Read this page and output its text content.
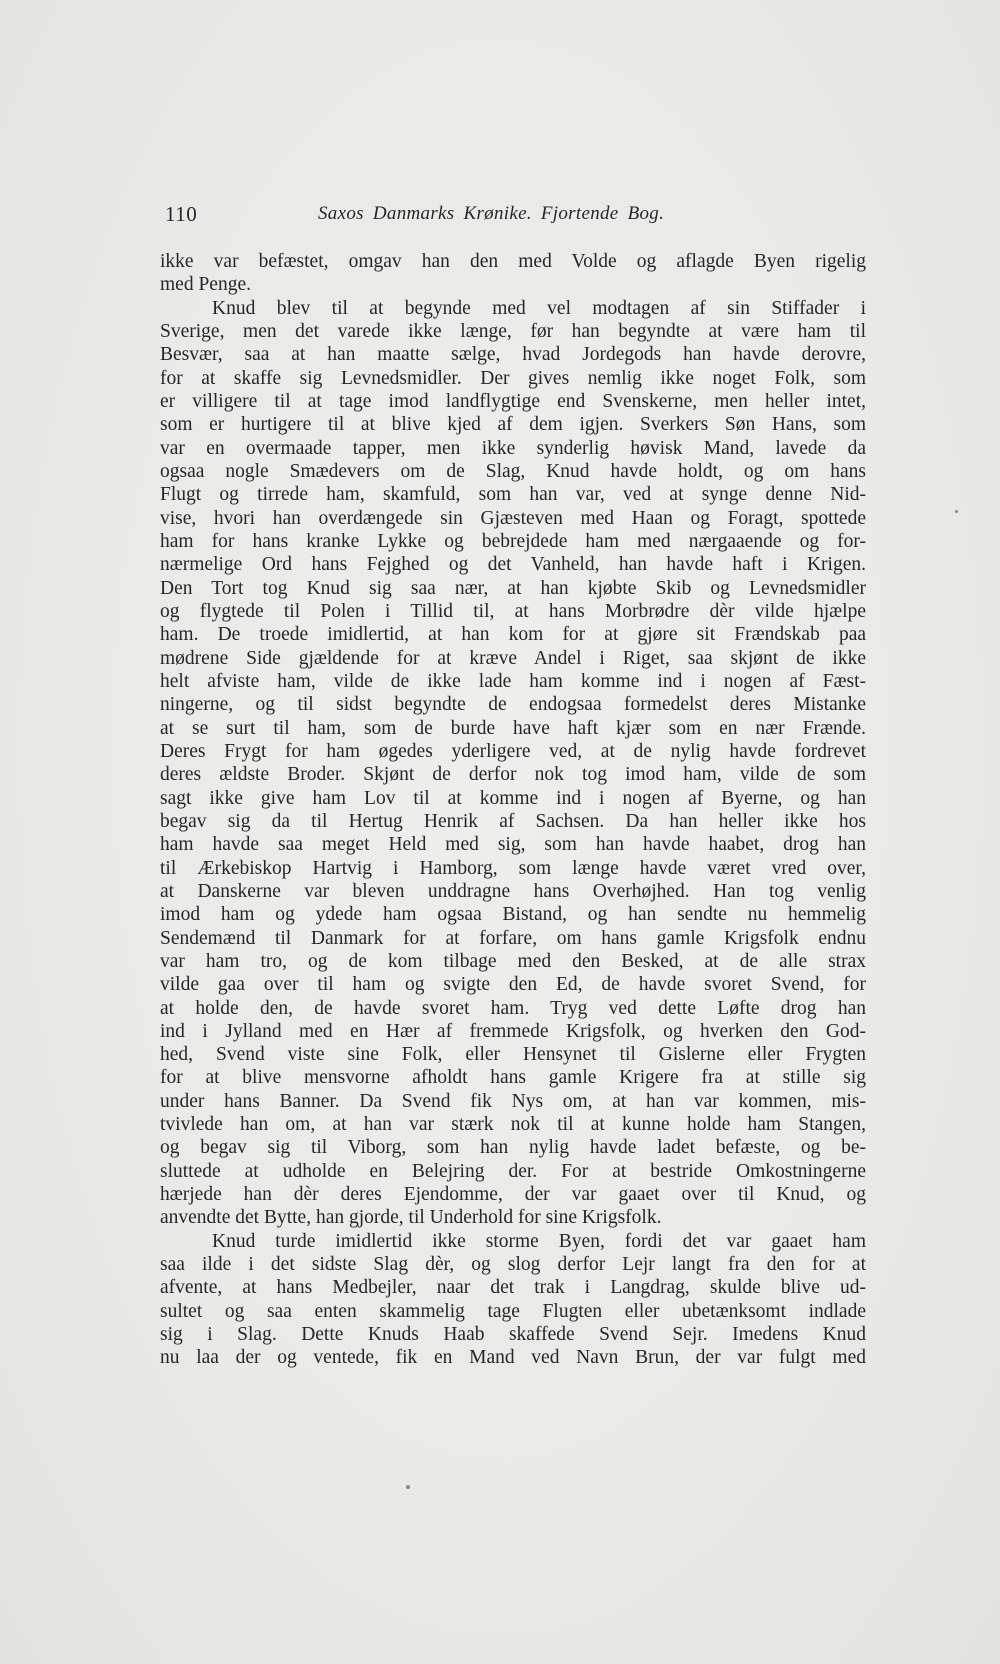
110	Saxos Danmarks Krønike. Fjortende Bog.
ikke var befæstet, omgav han den med Volde og aflagde Byen rigelig
med Penge.
Knud blev til at begynde med vel modtagen af sin Stiffader i
Sverige, men det varede ikke længe, før han begyndte at være ham til
Besvær, saa at han maatte sælge, hvad Jordegods han havde derovre,
for at skaffe sig Levnedsmidler. Der gives nemlig ikke noget Folk, som
er villigere til at tage imod landflygtige end Svenskerne, men heller intet,
som er hurtigere til at blive kjed af dem igjen. Sverkers Søn Hans, som
var en overmaade tapper, men ikke synderlig høvisk Mand, lavede da
ogsaa nogle Smædevers om de Slag, Knud havde holdt, og om hans
Flugt og tirrede ham, skamfuld, som han var, ved at synge denne Nid-
vise, hvori han overdængede sin Gjæsteven med Haan og Foragt, spottede
ham for hans kranke Lykke og bebrejdede ham med nærgaaende og for-
nærmelige Ord hans Fejghed og det Vanheld, han havde haft i Krigen.
Den Tort tog Knud sig saa nær, at han kjøbte Skib og Levnedsmidler
og flygtede til Polen i Tillid til, at hans Morbrødre dèr vilde hjælpe
ham. De troede imidlertid, at han kom for at gjøre sit Frændskab paa
mødrene Side gjældende for at kræve Andel i Riget, saa skjønt de ikke
helt afviste ham, vilde de ikke lade ham komme ind i nogen af Fæst-
ningerne, og til sidst begyndte de endogsaa formedelst deres Mistanke
at se surt til ham, som de burde have haft kjær som en nær Frænde.
Deres Frygt for ham øgedes yderligere ved, at de nylig havde fordrevet
deres ældste Broder. Skjønt de derfor nok tog imod ham, vilde de som
sagt ikke give ham Lov til at komme ind i nogen af Byerne, og han
begav sig da til Hertug Henrik af Sachsen. Da han heller ikke hos
ham havde saa meget Held med sig, som han havde haabet, drog han
til Ærkebiskop Hartvig i Hamborg, som længe havde været vred over,
at Danskerne var bleven unddragne hans Overhøjhed. Han tog venlig
imod ham og ydede ham ogsaa Bistand, og han sendte nu hemmelig
Sendemænd til Danmark for at forfare, om hans gamle Krigsfolk endnu
var ham tro, og de kom tilbage med den Besked, at de alle strax
vilde gaa over til ham og svigte den Ed, de havde svoret Svend, for
at holde den, de havde svoret ham. Tryg ved dette Løfte drog han
ind i Jylland med en Hær af fremmede Krigsfolk, og hverken den God-
hed, Svend viste sine Folk, eller Hensynet til Gislerne eller Frygten
for at blive mensvorne afholdt hans gamle Krigere fra at stille sig
under hans Banner. Da Svend fik Nys om, at han var kommen, mis-
tvivlede han om, at han var stærk nok til at kunne holde ham Stangen,
og begav sig til Viborg, som han nylig havde ladet befæste, og be-
sluttede at udholde en Belejring der. For at bestride Omkostningerne
hærjede han dèr deres Ejendomme, der var gaaet over til Knud, og
anvendte det Bytte, han gjorde, til Underhold for sine Krigsfolk.
Knud turde imidlertid ikke storme Byen, fordi det var gaaet ham
saa ilde i det sidste Slag dèr, og slog derfor Lejr langt fra den for at
afvente, at hans Medbejler, naar det trak i Langdrag, skulde blive ud-
sultet og saa enten skammelig tage Flugten eller ubetænksomt indlade
sig i Slag. Dette Knuds Haab skaffede Svend Sejr. Imedens Knud
nu laa der og ventede, fik en Mand ved Navn Brun, der var fulgt med
